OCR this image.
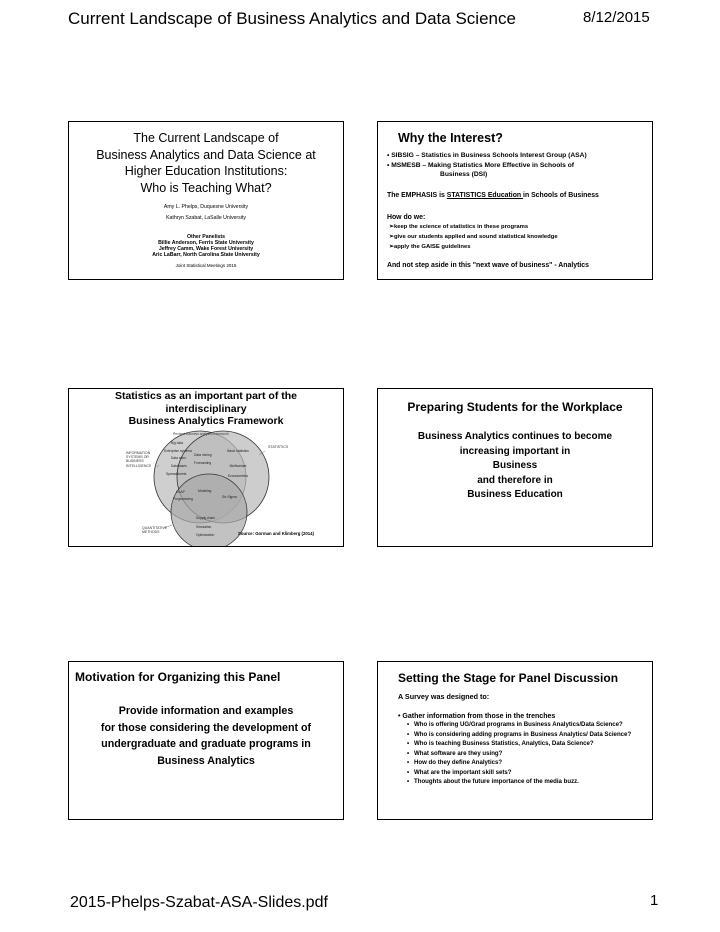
Current Landscape of Business Analytics and Data Science	8/12/2015
The Current Landscape of
Business Analytics and Data Science at
Higher Education Institutions:
Who is Teaching What?
Amy L. Phelps, Duquesne University
Kathryn Szabat, LaSalle University
Other Panelists
Billie Anderson, Ferris State University
Jeffrey Camm, Wake Forest University
Aric LaBarr, North Carolina State University
Joint Statistical Meetings 2015
Why the Interest?
• SIBSIG – Statistics in Business Schools Interest Group (ASA)
• MSMESB – Making Statistics More Effective in Schools of
Business (DSI)
The EMPHASIS is STATISTICS Education in Schools of Business
How do we:
➢keep the science of statistics in these programs
➢give our students applied and sound statistical knowledge
➢apply the GAISE guidelines
And not step aside in this "next wave of business" - Analytics
Statistics as an important part of the
interdisciplinary
Business Analytics Framework
Revised business analytics framework
INFORMATION
SYSTEMS OR
BUSINESS
INTELLIGENCE
STATISTICS
QUANTITATIVE
METHODS
Big data
Enterprise systems
Data cubs
Databases
Spreadsheets
Data mining
Forecasting
Basic statistics
Multivariate
Econometrics
OLAP
Programming
Modeling
Six Sigma
Supply chain
Simulation
Optimization	Source: Gorman and Klimberg (2014)
Preparing Students for the Workplace
Business Analytics continues to become
increasing important in
Business
and therefore in
Business Education
Motivation for Organizing this Panel
Provide information and examples
for those considering the development of
undergraduate and graduate programs in
Business Analytics
Setting the Stage for Panel Discussion
A Survey was designed to:
• Gather information from those in the trenches
• Who is offering UG/Grad programs in Business Analytics/Data Science?
• Who is considering adding programs in Business Analytics/ Data Science?
• Who is teaching Business Statistics, Analytics, Data Science?
• What software are they using?
• How do they define Analytics?
• What are the important skill sets?
• Thoughts about the future importance of the media buzz.
2015-Phelps-Szabat-ASA-Slides.pdf	1
